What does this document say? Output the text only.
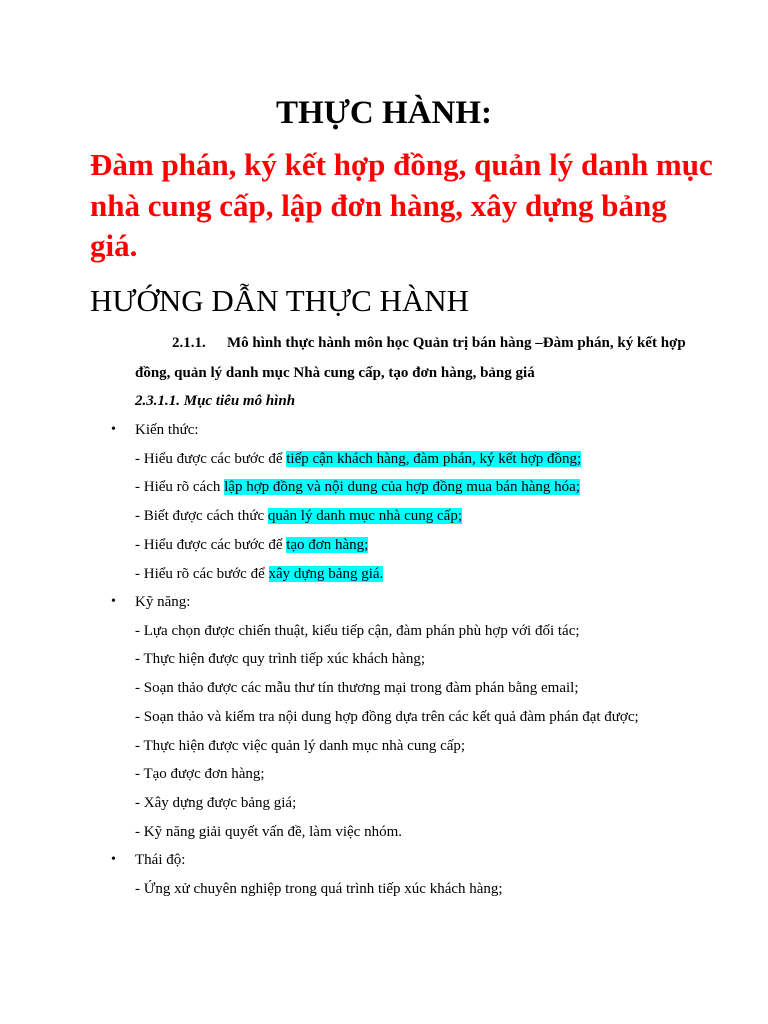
THỰC HÀNH:
Đàm phán, ký kết hợp đồng, quản lý danh mục nhà cung cấp, lập đơn hàng, xây dựng bảng giá.
HƯỚNG DẪN THỰC HÀNH
2.1.1. Mô hình thực hành môn học Quản trị bán hàng –Đàm phán, ký kết hợp
đồng, quản lý danh mục Nhà cung cấp, tạo đơn hàng, bảng giá
2.3.1.1. Mục tiêu mô hình
• Kiến thức:
- Hiểu được các bước để tiếp cận khách hàng, đàm phán, ký kết hợp đồng;
- Hiểu rõ cách lập hợp đồng và nội dung của hợp đồng mua bán hàng hóa;
- Biết được cách thức quản lý danh mục nhà cung cấp;
- Hiểu được các bước để tạo đơn hàng;
- Hiểu rõ các bước để xây dựng bảng giá.
• Kỹ năng:
- Lựa chọn được chiến thuật, kiểu tiếp cận, đàm phán phù hợp với đối tác;
- Thực hiện được quy trình tiếp xúc khách hàng;
- Soạn thảo được các mẫu thư tín thương mại trong đàm phán bằng email;
- Soạn thảo và kiểm tra nội dung hợp đồng dựa trên các kết quả đàm phán đạt được;
- Thực hiện được việc quản lý danh mục nhà cung cấp;
- Tạo được đơn hàng;
- Xây dựng được bảng giá;
- Kỹ năng giải quyết vấn đề, làm việc nhóm.
• Thái độ:
- Ứng xử chuyên nghiệp trong quá trình tiếp xúc khách hàng;
